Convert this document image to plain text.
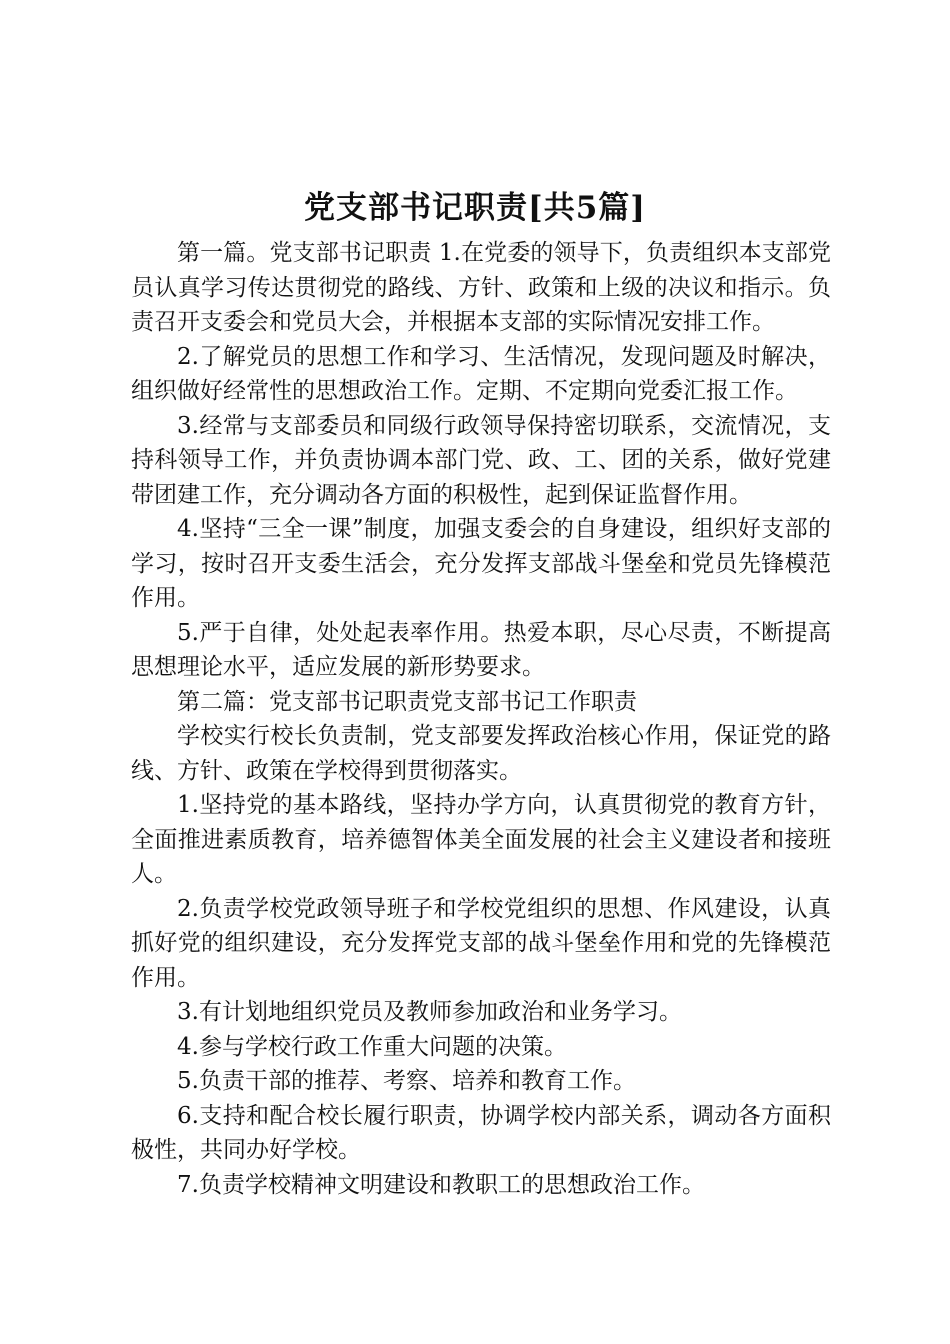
党支部书记职责[共5篇]

第一篇。党支部书记职责 1.在党委的领导下，负责组织本支部党员认真学习传达贯彻党的路线、方针、政策和上级的决议和指示。负责召开支委会和党员大会，并根据本支部的实际情况安排工作。

2.了解党员的思想工作和学习、生活情况，发现问题及时解决，组织做好经常性的思想政治工作。定期、不定期向党委汇报工作。

3.经常与支部委员和同级行政领导保持密切联系，交流情况，支持科领导工作，并负责协调本部门党、政、工、团的关系，做好党建带团建工作，充分调动各方面的积极性，起到保证监督作用。

4.坚持“三全一课”制度，加强支委会的自身建设，组织好支部的学习，按时召开支委生活会，充分发挥支部战斗堡垒和党员先锋模范作用。

5.严于自律，处处起表率作用。热爱本职，尽心尽责，不断提高思想理论水平，适应发展的新形势要求。

第二篇：党支部书记职责党支部书记工作职责

学校实行校长负责制，党支部要发挥政治核心作用，保证党的路线、方针、政策在学校得到贯彻落实。

1.坚持党的基本路线，坚持办学方向，认真贯彻党的教育方针，全面推进素质教育，培养德智体美全面发展的社会主义建设者和接班人。

2.负责学校党政领导班子和学校党组织的思想、作风建设，认真抓好党的组织建设，充分发挥党支部的战斗堡垒作用和党的先锋模范作用。

3.有计划地组织党员及教师参加政治和业务学习。

4.参与学校行政工作重大问题的决策。

5.负责干部的推荐、考察、培养和教育工作。

6.支持和配合校长履行职责，协调学校内部关系，调动各方面积极性，共同办好学校。

7.负责学校精神文明建设和教职工的思想政治工作。
